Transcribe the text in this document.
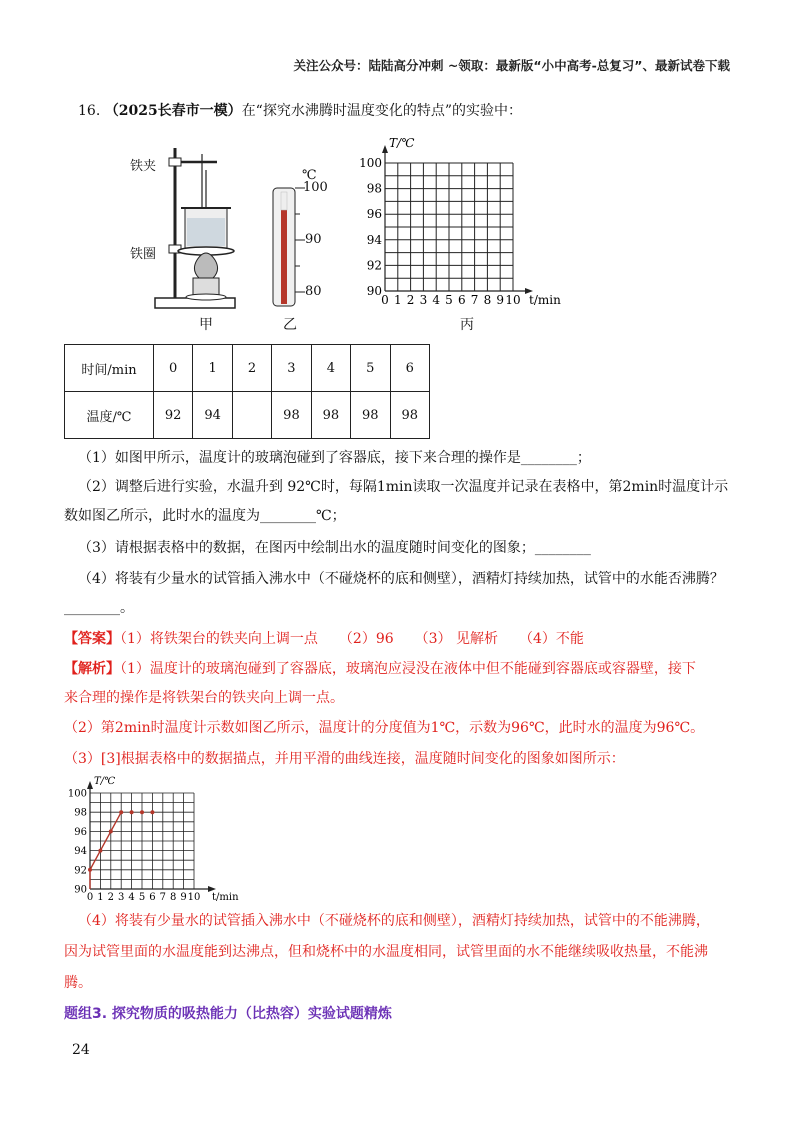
关注公众号：陆陆高分冲刺 ~领取：最新版“小中高考-总复习”、最新试卷下载
16. （2025长春市一模）在“探究水沸腾时温度变化的特点”的实验中：
铁夹
铁圈
甲
℃
100
90
80
乙
T/℃
t/min
100
98
96
94
92
90
0 1 2 3 4 5 6 7 8 9 10
丙
时间/min	0	1	2	3	4	5	6
温度/℃	92	94		98	98	98	98
（1）如图甲所示，温度计的玻璃泡碰到了容器底，接下来合理的操作是________；
（2）调整后进行实验，水温升到 92℃时，每隔1min读取一次温度并记录在表格中，第2min时温度计示
数如图乙所示，此时水的温度为________℃；
（3）请根据表格中的数据，在图丙中绘制出水的温度随时间变化的图象；________
（4）将装有少量水的试管插入沸水中（不碰烧杯的底和侧壁），酒精灯持续加热，试管中的水能否沸腾？
________。
【答案】（1）将铁架台的铁夹向上调一点　　（2）96　　（3） 见解析　　（4）不能
【解析】（1）温度计的玻璃泡碰到了容器底，玻璃泡应浸没在液体中但不能碰到容器底或容器壁，接下
来合理的操作是将铁架台的铁夹向上调一点。
（2）第2min时温度计示数如图乙所示，温度计的分度值为1℃，示数为96℃，此时水的温度为96℃。
（3）[3]根据表格中的数据描点，并用平滑的曲线连接，温度随时间变化的图象如图所示：
T/℃
t/min
90
92
94
96
98
100
0 1 2 3 4 5 6 7 8 9 10
（4）将装有少量水的试管插入沸水中（不碰烧杯的底和侧壁），酒精灯持续加热，试管中的不能沸腾，
因为试管里面的水温度能到达沸点，但和烧杯中的水温度相同，试管里面的水不能继续吸收热量，不能沸
腾。
题组3. 探究物质的吸热能力（比热容）实验试题精炼
24
